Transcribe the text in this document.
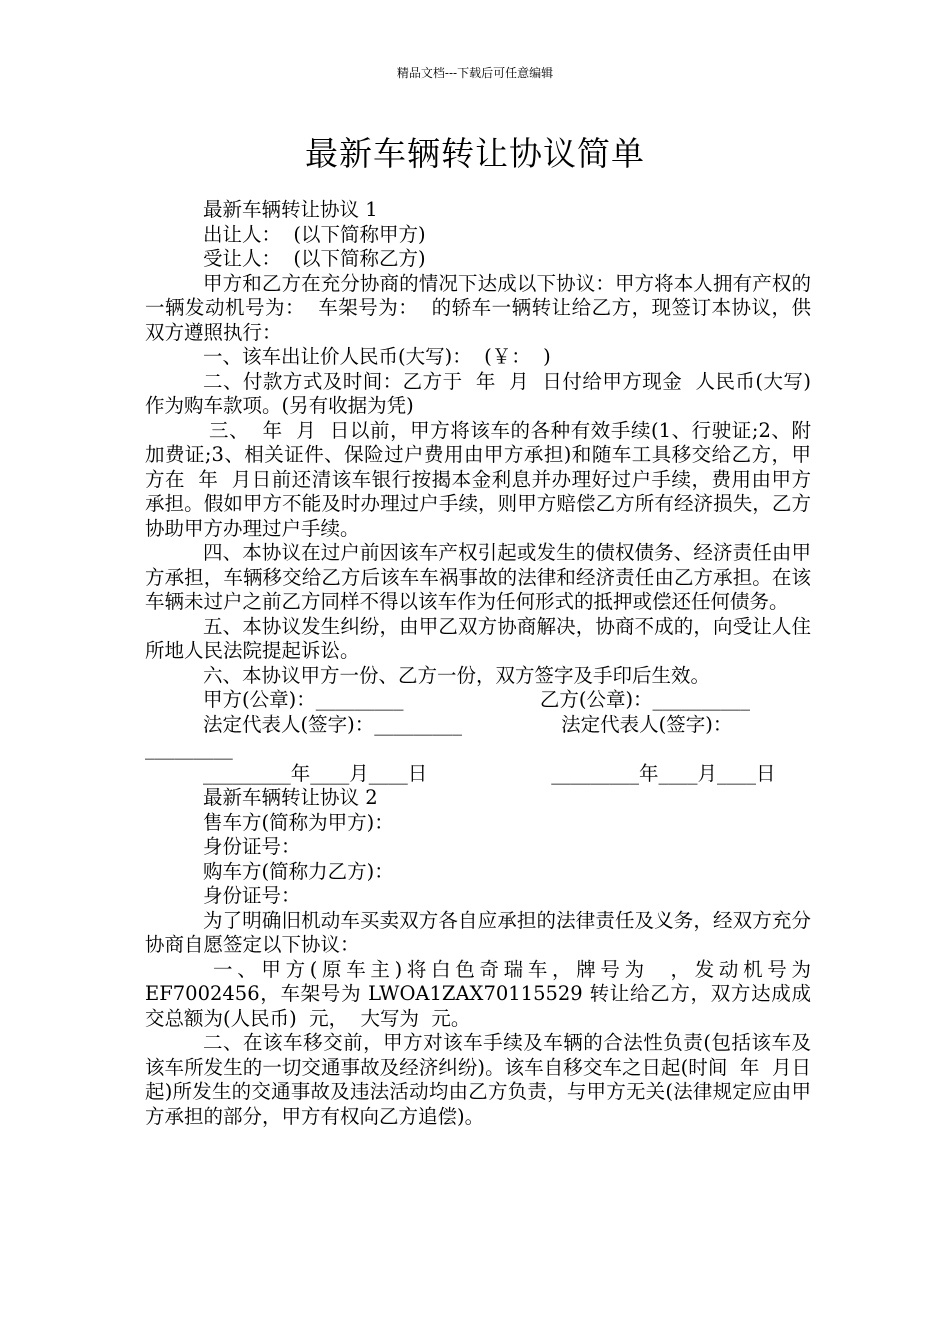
精品文档---下载后可任意编辑
最新车辆转让协议简单

最新车辆转让协议 1

出让人：  (以下简称甲方)

受让人：  (以下简称乙方)

甲方和乙方在充分协商的情况下达成以下协议：甲方将本人拥有产权的一辆发动机号为：  车架号为：  的轿车一辆转让给乙方，现签订本协议，供双方遵照执行：

一、该车出让价人民币(大写)：  (￥：  )

二、付款方式及时间：乙方于  年  月  日付给甲方现金  人民币(大写) 作为购车款项。(另有收据为凭)

三、  年  月  日以前，甲方将该车的各种有效手续(1、行驶证;2、附加费证;3、相关证件、保险过户费用由甲方承担)和随车工具移交给乙方，甲方在  年  月日前还清该车银行按揭本金利息并办理好过户手续，费用由甲方承担。假如甲方不能及时办理过户手续，则甲方赔偿乙方所有经济损失，乙方协助甲方办理过户手续。

四、本协议在过户前因该车产权引起或发生的债权债务、经济责任由甲方承担，车辆移交给乙方后该车车祸事故的法律和经济责任由乙方承担。在该车辆未过户之前乙方同样不得以该车作为任何形式的抵押或偿还任何债务。

五、本协议发生纠纷，由甲乙双方协商解决，协商不成的，向受让人住所地人民法院提起诉讼。

六、本协议甲方一份、乙方一份，双方签字及手印后生效。

甲方(公章)：_________                      乙方(公章)：__________

法定代表人(签字)：_________                法定代表人(签字)：_________

_________年____月____日                    _________年____月____日

最新车辆转让协议 2

售车方(简称为甲方)：

身份证号：

购车方(简称力乙方)：

身份证号：

为了明确旧机动车买卖双方各自应承担的法律责任及义务，经双方充分协商自愿签定以下协议：

一、甲方(原车主)将白色奇瑞车，牌号为  ，发动机号为 EF7002456，车架号为 LWOA1ZAX70115529 转让给乙方，双方达成成交总额为(人民币)  元，  大写为  元。

二、在该车移交前，甲方对该车手续及车辆的合法性负责(包括该车及该车所发生的一切交通事故及经济纠纷)。该车自移交车之日起(时间  年  月日起)所发生的交通事故及违法活动均由乙方负责，与甲方无关(法律规定应由甲方承担的部分，甲方有权向乙方追偿)。
